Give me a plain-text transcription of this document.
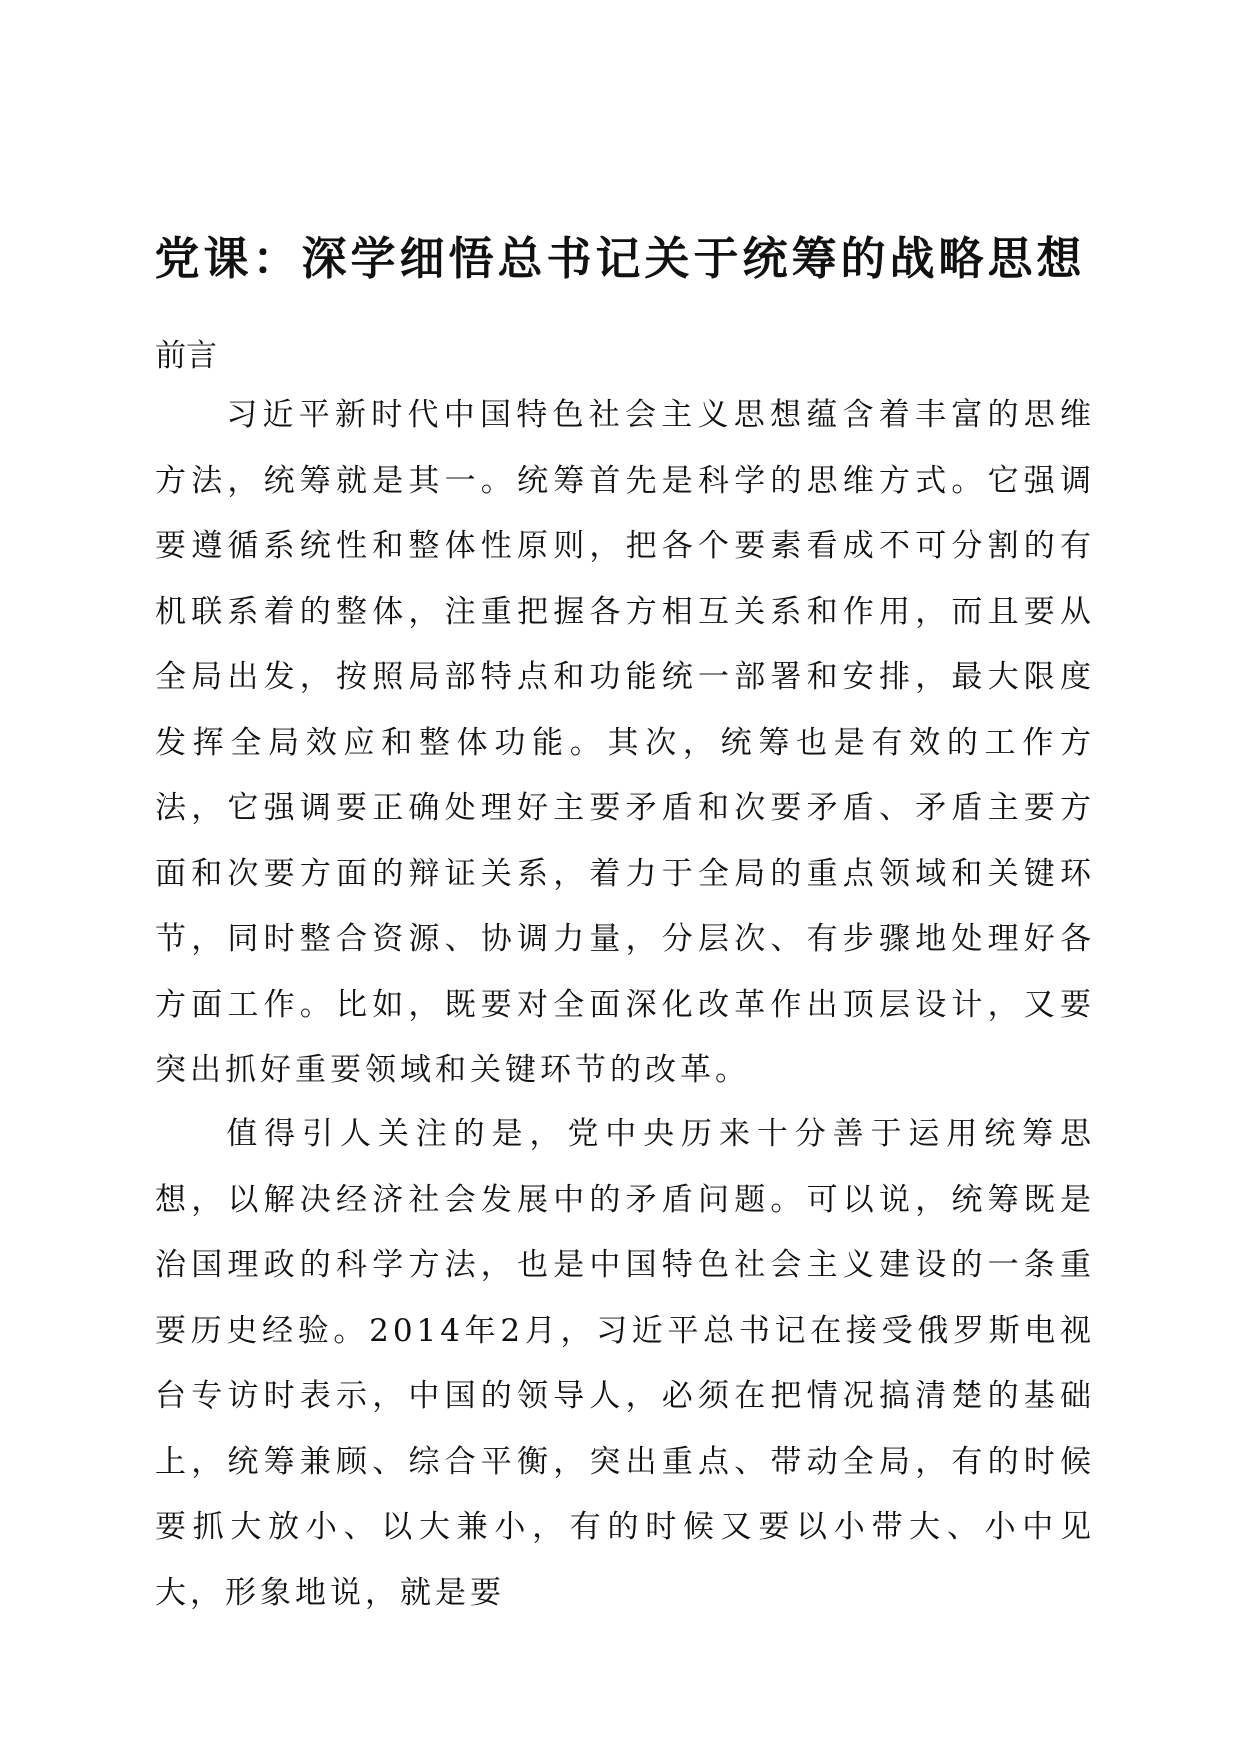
党课：深学细悟总书记关于统筹的战略思想
前言

习近平新时代中国特色社会主义思想蕴含着丰富的思维方法，统筹就是其一。统筹首先是科学的思维方式。它强调要遵循系统性和整体性原则，把各个要素看成不可分割的有机联系着的整体，注重把握各方相互关系和作用，而且要从全局出发，按照局部特点和功能统一部署和安排，最大限度发挥全局效应和整体功能。其次，统筹也是有效的工作方法，它强调要正确处理好主要矛盾和次要矛盾、矛盾主要方面和次要方面的辩证关系，着力于全局的重点领域和关键环节，同时整合资源、协调力量，分层次、有步骤地处理好各方面工作。比如，既要对全面深化改革作出顶层设计，又要突出抓好重要领域和关键环节的改革。

值得引人关注的是，党中央历来十分善于运用统筹思想，以解决经济社会发展中的矛盾问题。可以说，统筹既是治国理政的科学方法，也是中国特色社会主义建设的一条重要历史经验。2014年2月，习近平总书记在接受俄罗斯电视台专访时表示，中国的领导人，必须在把情况搞清楚的基础上，统筹兼顾、综合平衡，突出重点、带动全局，有的时候要抓大放小、以大兼小，有的时候又要以小带大、小中见大，形象地说，就是要
